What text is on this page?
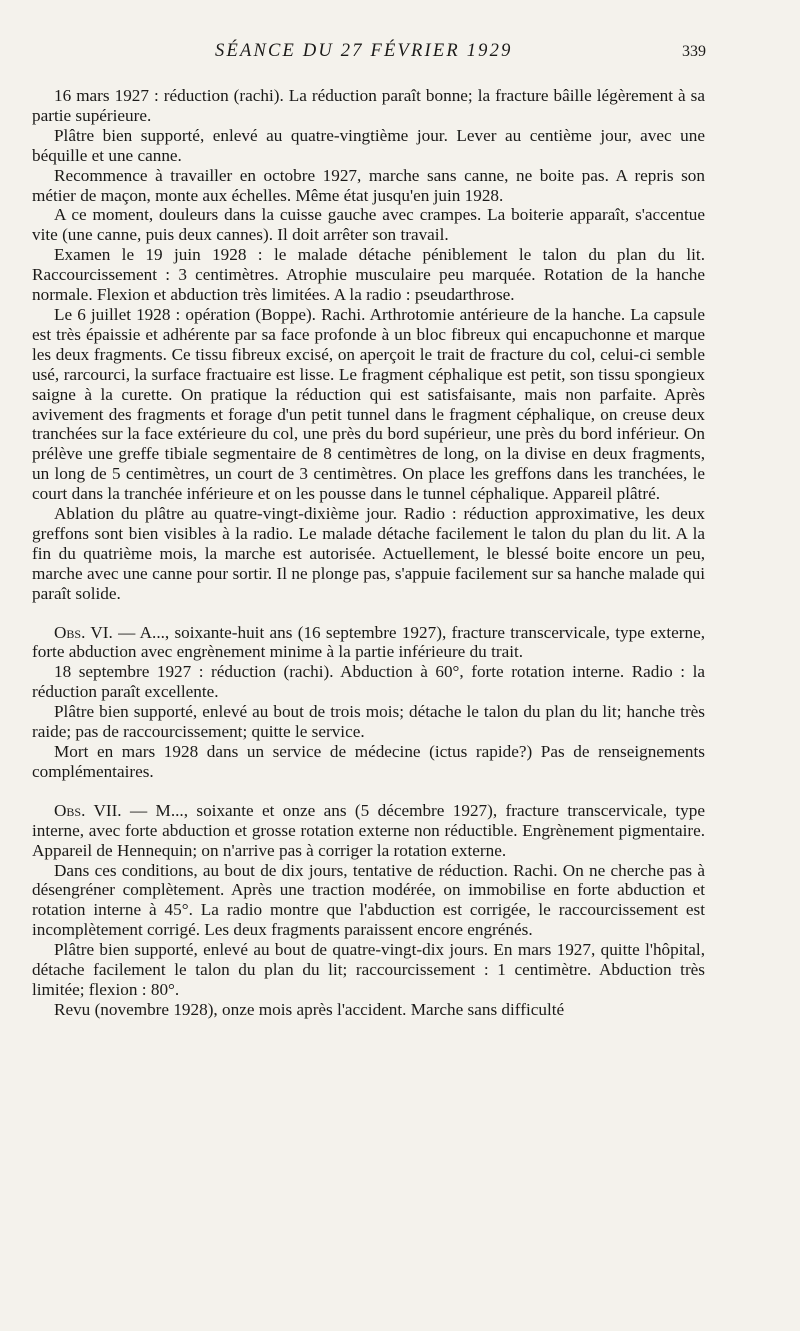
SÉANCE DU 27 FÉVRIER 1929	339

16 mars 1927 : réduction (rachi). La réduction paraît bonne; la fracture bâille légèrement à sa partie supérieure.

Plâtre bien supporté, enlevé au quatre-vingtième jour. Lever au centième jour, avec une béquille et une canne.

Recommence à travailler en octobre 1927, marche sans canne, ne boite pas. A repris son métier de maçon, monte aux échelles. Même état jusqu'en juin 1928.

A ce moment, douleurs dans la cuisse gauche avec crampes. La boiterie apparaît, s'accentue vite (une canne, puis deux cannes). Il doit arrêter son travail.

Examen le 19 juin 1928 : le malade détache péniblement le talon du plan du lit. Raccourcissement : 3 centimètres. Atrophie musculaire peu marquée. Rotation de la hanche normale. Flexion et abduction très limitées. A la radio : pseudarthrose.

Le 6 juillet 1928 : opération (Boppe). Rachi. Arthrotomie antérieure de la hanche. La capsule est très épaissie et adhérente par sa face profonde à un bloc fibreux qui encapuchonne et marque les deux fragments. Ce tissu fibreux excisé, on aperçoit le trait de fracture du col, celui-ci semble usé, rarcourci, la surface fractuaire est lisse. Le fragment céphalique est petit, son tissu spongieux saigne à la curette. On pratique la réduction qui est satisfaisante, mais non parfaite. Après avivement des fragments et forage d'un petit tunnel dans le fragment céphalique, on creuse deux tranchées sur la face extérieure du col, une près du bord supérieur, une près du bord inférieur. On prélève une greffe tibiale segmentaire de 8 centimètres de long, on la divise en deux fragments, un long de 5 centimètres, un court de 3 centimètres. On place les greffons dans les tranchées, le court dans la tranchée inférieure et on les pousse dans le tunnel céphalique. Appareil plâtré.

Ablation du plâtre au quatre-vingt-dixième jour. Radio : réduction approximative, les deux greffons sont bien visibles à la radio. Le malade détache facilement le talon du plan du lit. A la fin du quatrième mois, la marche est autorisée. Actuellement, le blessé boite encore un peu, marche avec une canne pour sortir. Il ne plonge pas, s'appuie facilement sur sa hanche malade qui paraît solide.

Obs. VI. — A..., soixante-huit ans (16 septembre 1927), fracture transcervicale, type externe, forte abduction avec engrènement minime à la partie inférieure du trait.

18 septembre 1927 : réduction (rachi). Abduction à 60°, forte rotation interne. Radio : la réduction paraît excellente.

Plâtre bien supporté, enlevé au bout de trois mois; détache le talon du plan du lit; hanche très raide; pas de raccourcissement; quitte le service.

Mort en mars 1928 dans un service de médecine (ictus rapide?) Pas de renseignements complémentaires.

Obs. VII. — M..., soixante et onze ans (5 décembre 1927), fracture transcervicale, type interne, avec forte abduction et grosse rotation externe non réductible. Engrènement pigmentaire. Appareil de Hennequin; on n'arrive pas à corriger la rotation externe.

Dans ces conditions, au bout de dix jours, tentative de réduction. Rachi. On ne cherche pas à désengréner complètement. Après une traction modérée, on immobilise en forte abduction et rotation interne à 45°. La radio montre que l'abduction est corrigée, le raccourcissement est incomplètement corrigé. Les deux fragments paraissent encore engrénés.

Plâtre bien supporté, enlevé au bout de quatre-vingt-dix jours. En mars 1927, quitte l'hôpital, détache facilement le talon du plan du lit; raccourcissement : 1 centimètre. Abduction très limitée; flexion : 80°.

Revu (novembre 1928), onze mois après l'accident. Marche sans difficulté
